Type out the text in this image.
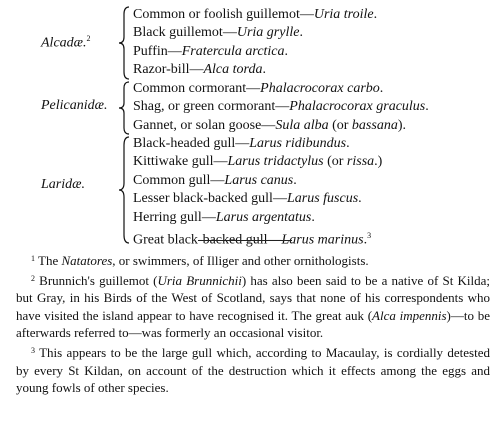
Alcadæ.$^2$
Common or foolish guillemot—Uria troile.
Black guillemot—Uria grylle.
Puffin—Fratercula arctica.
Razor-bill—Alca torda.
Pelicanidæ.
Common cormorant—Phalacrocorax carbo.
Shag, or green cormorant—Phalacrocorax graculus.
Gannet, or solan goose—Sula alba (or bassana).
Laridæ.
Black-headed gull—Larus ridibundus.
Kittiwake gull—Larus tridactylus (or rissa.)
Common gull—Larus canus.
Lesser black-backed gull—Larus fuscus.
Herring gull—Larus argentatus.
Great black-backed gull—Larus marinus.$^3$

$^1$ The Natatores, or swimmers, of Illiger and other ornithologists.

$^2$ Brunnich's guillemot (Uria Brunnichii) has also been said to be a native of St Kilda; but Gray, in his Birds of the West of Scotland, says that none of his correspondents who have visited the island appear to have recognised it. The great auk (Alca impennis)—to be afterwards referred to—was formerly an occasional visitor.

$^3$ This appears to be the large gull which, according to Macaulay, is cordially detested by every St Kildan, on account of the destruction which it effects among the eggs and young fowls of other species.
